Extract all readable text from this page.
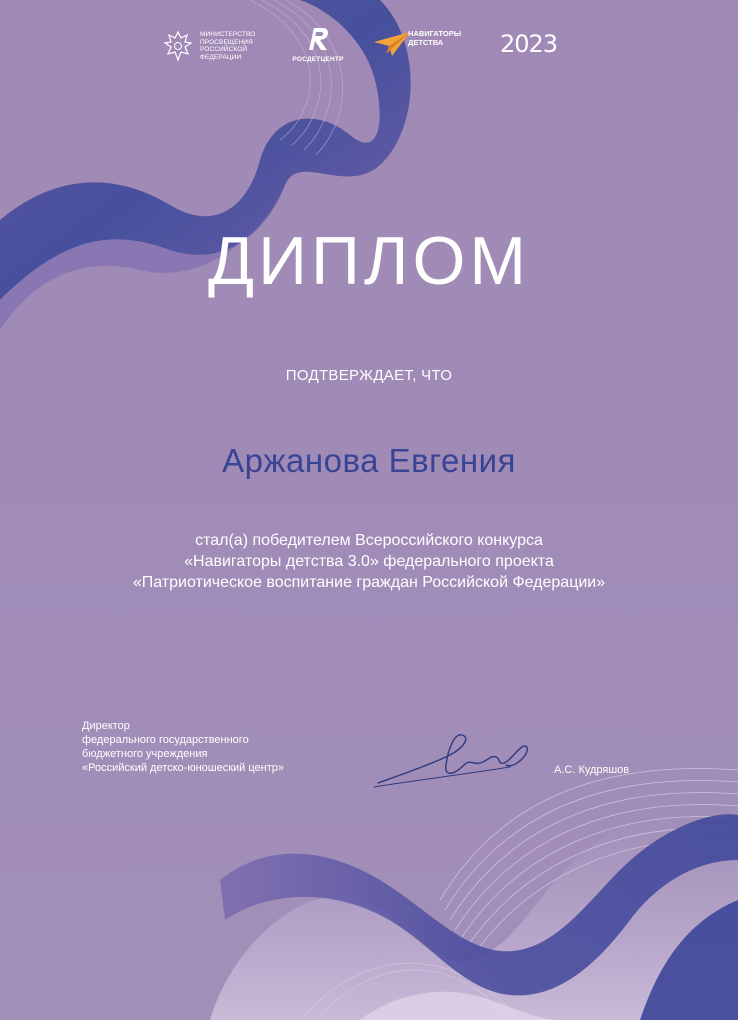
МИНИСТЕРСТВО ПРОСВЕЩЕНИЯ РОССИЙСКОЙ ФЕДЕРАЦИИ	РОСДЕТЦЕНТР
НАВИГАТОРЫ ДЕТСТВА	2023
ДИПЛОМ
ПОДТВЕРЖДАЕТ, ЧТО
Аржанова Евгения
стал(а) победителем Всероссийского конкурса
«Навигаторы детства 3.0» федерального проекта
«Патриотическое воспитание граждан Российской Федерации»
Директор
федерального государственного
бюджетного учреждения
«Российский детско-юношеский центр»	А.С. Кудряшов
